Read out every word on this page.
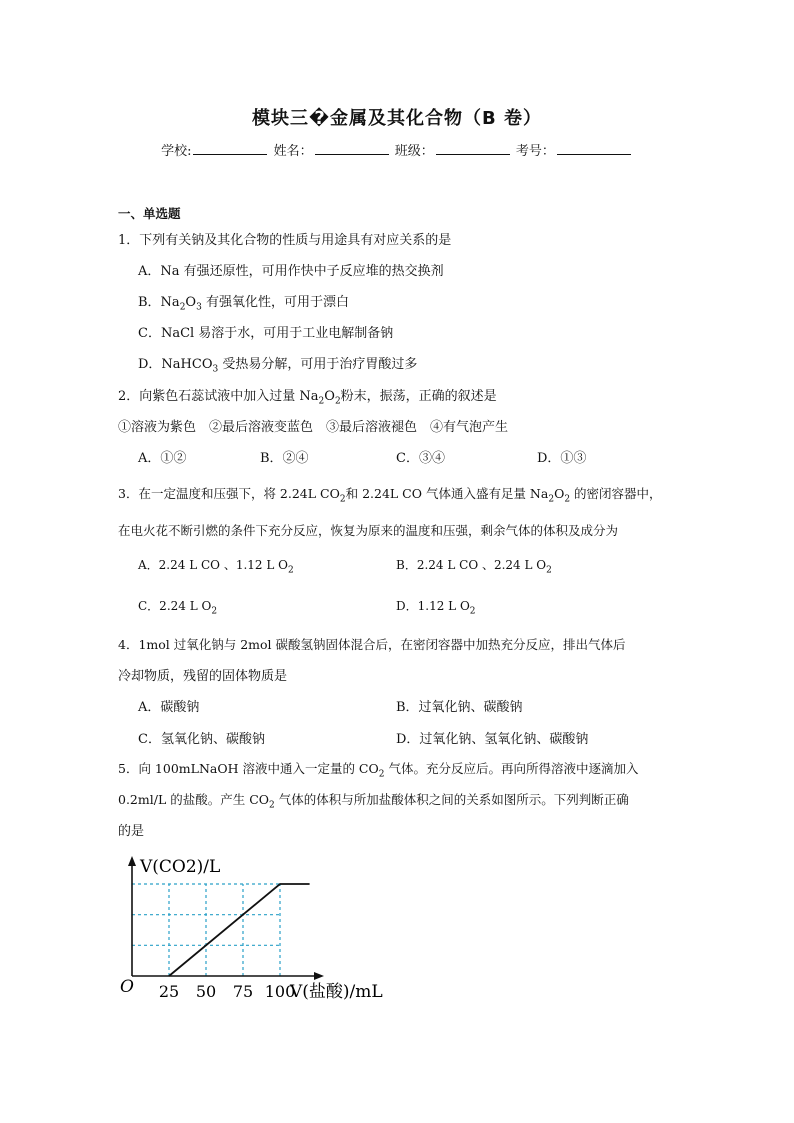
模块三�金属及其化合物（B 卷）
学校:	姓名：	班级：	考号：
一、单选题
1．下列有关钠及其化合物的性质与用途具有对应关系的是
A．Na 有强还原性，可用作快中子反应堆的热交换剂
B．$Na_2O_3$ 有强氧化性，可用于漂白
C．NaCl 易溶于水，可用于工业电解制备钠
D．NaHCO$_3$ 受热易分解，可用于治疗胃酸过多
2．向紫色石蕊试液中加入过量 $Na_2O_2$粉末，振荡，正确的叙述是
①溶液为紫色　②最后溶液变蓝色　③最后溶液褪色　④有气泡产生
A．①②	B．②④	C．③④	D．①③
3．在一定温度和压强下，将 2.24L $CO_2$和 2.24L CO 气体通入盛有足量 $Na_2O_2$ 的密闭容器中，
在电火花不断引燃的条件下充分反应，恢复为原来的温度和压强，剩余气体的体积及成分为
A．2.24 L CO 、1.12 L $O_2$	B．2.24 L CO 、2.24 L $O_2$
C．2.24 L $O_2$	D．1.12 L $O_2$
4．1mol 过氧化钠与 2mol 碳酸氢钠固体混合后，在密闭容器中加热充分反应，排出气体后
冷却物质，残留的固体物质是
A．碳酸钠	B．过氧化钠、碳酸钠
C．氢氧化钠、碳酸钠	D．过氧化钠、氢氧化钠、碳酸钠
5．向 100mLNaOH 溶液中通入一定量的 $CO_2$ 气体。充分反应后。再向所得溶液中逐滴加入
0.2ml/L 的盐酸。产生 $CO_2$ 气体的体积与所加盐酸体积之间的关系如图所示。下列判断正确
的是
25 50 75 100
O
V(CO2)/L
V(盐酸)/mL
